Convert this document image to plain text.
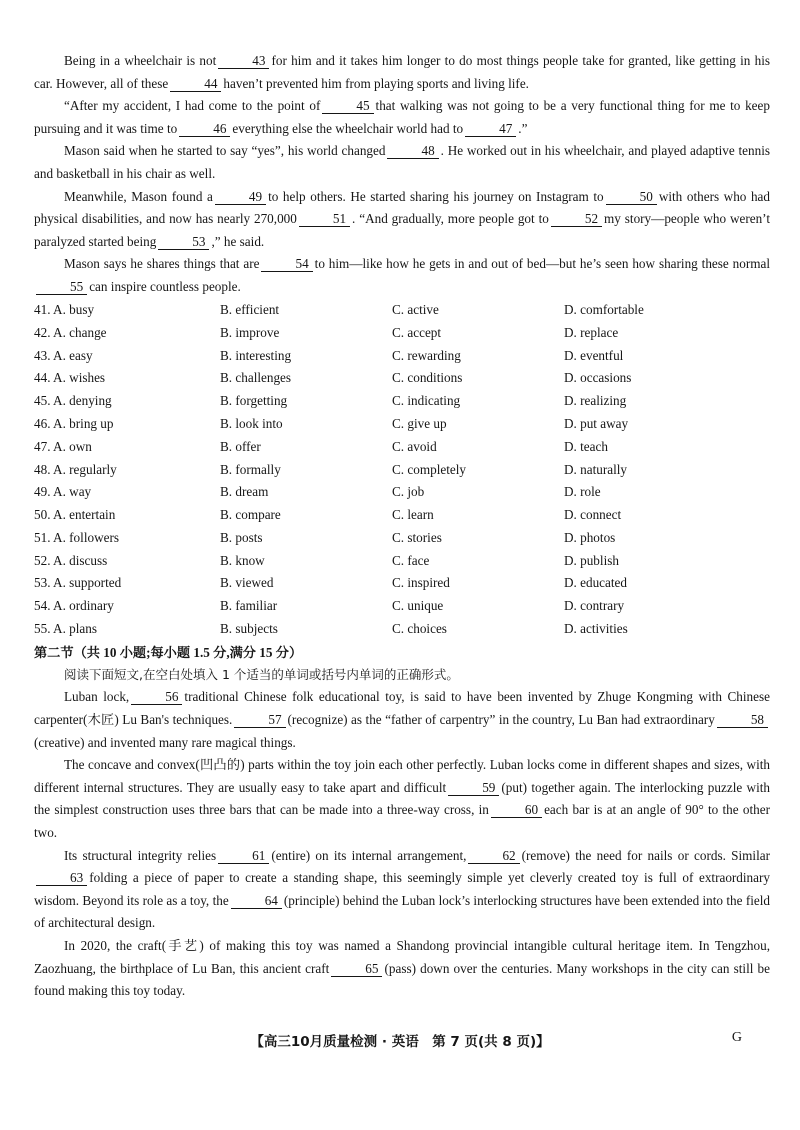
Being in a wheelchair is not	43 for him and it takes him longer to do most things people take for granted, like getting in his car. However, all of these	44 haven’t prevented him from playing sports and living life.

“After my accident, I had come to the point of	45 that walking was not going to be a very functional thing for me to keep pursuing and it was time to	46 everything else the wheelchair world had to	47 .”

Mason said when he started to say “yes”, his world changed	48 . He worked out in his wheelchair, and played adaptive tennis and basketball in his chair as well.

Meanwhile, Mason found a	49 to help others. He started sharing his journey on Instagram to	50 with others who had physical disabilities, and now has nearly 270,000	51 . “And gradually, more people got to	52 my story—people who weren’t paralyzed started being	53 ,” he said.

Mason says he shares things that are	54 to him—like how he gets in and out of bed—but he’s seen how sharing these normal55 can inspire countless people.

41. A. busy	B. efficient	C. active	D. comfortable
42. A. change	B. improve	C. accept	D. replace
43. A. easy	B. interesting	C. rewarding	D. eventful
44. A. wishes	B. challenges	C. conditions	D. occasions
45. A. denying	B. forgetting	C. indicating	D. realizing
46. A. bring up	B. look into	C. give up	D. put away
47. A. own	B. offer	C. avoid	D. teach
48. A. regularly	B. formally	C. completely	D. naturally
49. A. way	B. dream	C. job	D. role
50. A. entertain	B. compare	C. learn	D. connect
51. A. followers	B. posts	C. stories	D. photos
52. A. discuss	B. know	C. face	D. publish
53. A. supported	B. viewed	C. inspired	D. educated
54. A. ordinary	B. familiar	C. unique	D. contrary
55. A. plans	B. subjects	C. choices	D. activities
第二节（共 10 小题;每小题 1.5 分,满分 15 分）
阅读下面短文,在空白处填入 1 个适当的单词或括号内单词的正确形式。

Luban lock,	56 traditional Chinese folk educational toy, is said to have been invented by Zhuge Kongming with Chinese carpenter(木匠) Lu Ban's techniques.	57 (recognize) as the “father of carpentry” in the country, Lu Ban had extraordinary	58(creative) and invented many rare magical things.

The concave and convex(凹凸的) parts within the toy join each other perfectly. Luban locks come in different shapes and sizes, with different internal structures. They are usually easy to take apart and difficult	59 (put) together again. The interlocking puzzle with the simplest construction uses three bars that can be made into a three-way cross, in	60 each bar is at an angle of 90° to the other two.

Its structural integrity relies	61 (entire) on its internal arrangement,	62 (remove) the need for nails or cords. Similar63 folding a piece of paper to create a standing shape, this seemingly simple yet cleverly created toy is full of extraordinary wisdom. Beyond its role as a toy, the	64 (principle) behind the Luban lock’s interlocking structures have been extended into the field of architectural design.

In 2020, the craft(手艺) of making this toy was named a Shandong provincial intangible cultural heritage item. In Tengzhou, Zaozhuang, the birthplace of Lu Ban, this ancient craft	65 (pass) down over the centuries. Many workshops in the city can still be found making this toy today.

【高三10月质量检测 · 英语　第 7 页(共 8 页)】	G
